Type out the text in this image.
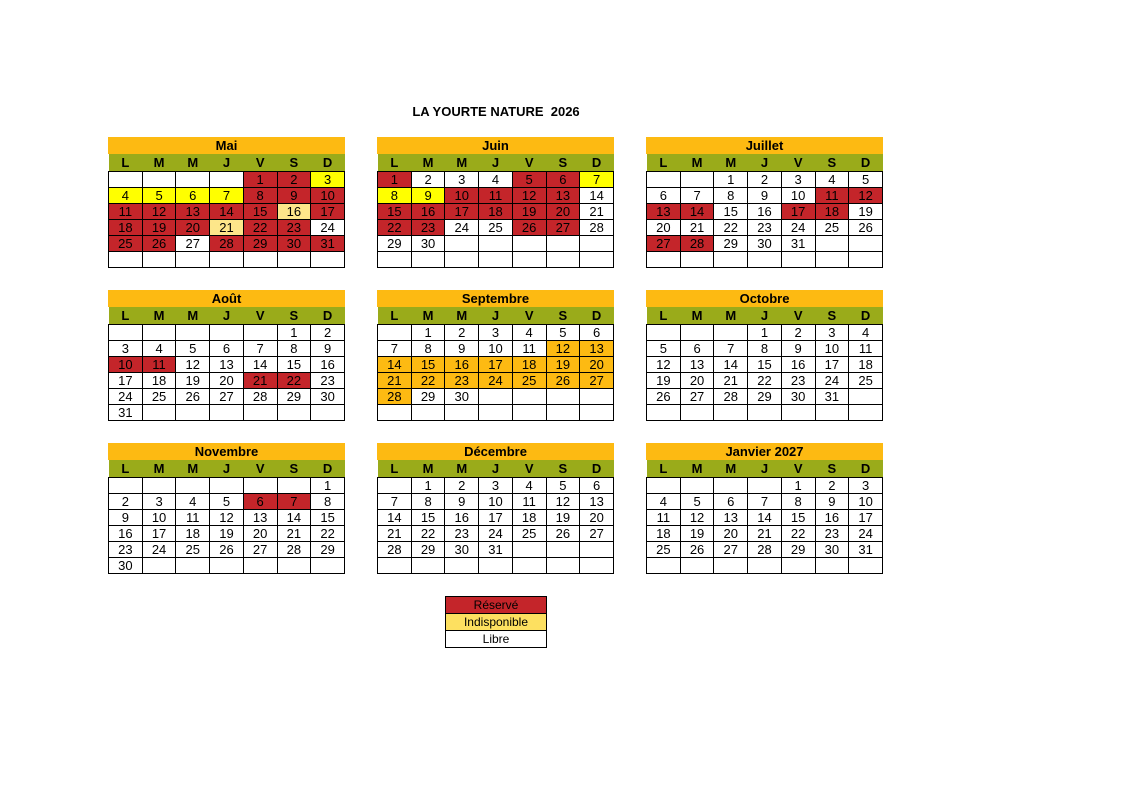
LA YOURTE NATURE  2026
Mai
L	M	M	J	V	S	D
				1	2	3
4	5	6	7	8	9	10
11	12	13	14	15	16	17
18	19	20	21	22	23	24
25	26	27	28	29	30	31

Juin
L	M	M	J	V	S	D
1	2	3	4	5	6	7
8	9	10	11	12	13	14
15	16	17	18	19	20	21
22	23	24	25	26	27	28
29	30					

Juillet
L	M	M	J	V	S	D
		1	2	3	4	5
6	7	8	9	10	11	12
13	14	15	16	17	18	19
20	21	22	23	24	25	26
27	28	29	30	31		

Août
L	M	M	J	V	S	D
					1	2
3	4	5	6	7	8	9
10	11	12	13	14	15	16
17	18	19	20	21	22	23
24	25	26	27	28	29	30
31						
Septembre
L	M	M	J	V	S	D
	1	2	3	4	5	6
7	8	9	10	11	12	13
14	15	16	17	18	19	20
21	22	23	24	25	26	27
28	29	30				

Octobre
L	M	M	J	V	S	D
			1	2	3	4
5	6	7	8	9	10	11
12	13	14	15	16	17	18
19	20	21	22	23	24	25
26	27	28	29	30	31	

Novembre
L	M	M	J	V	S	D
						1
2	3	4	5	6	7	8
9	10	11	12	13	14	15
16	17	18	19	20	21	22
23	24	25	26	27	28	29
30						
Décembre
L	M	M	J	V	S	D
	1	2	3	4	5	6
7	8	9	10	11	12	13
14	15	16	17	18	19	20
21	22	23	24	25	26	27
28	29	30	31			

Janvier 2027
L	M	M	J	V	S	D
				1	2	3
4	5	6	7	8	9	10
11	12	13	14	15	16	17
18	19	20	21	22	23	24
25	26	27	28	29	30	31

Réservé
Indisponible
Libre
